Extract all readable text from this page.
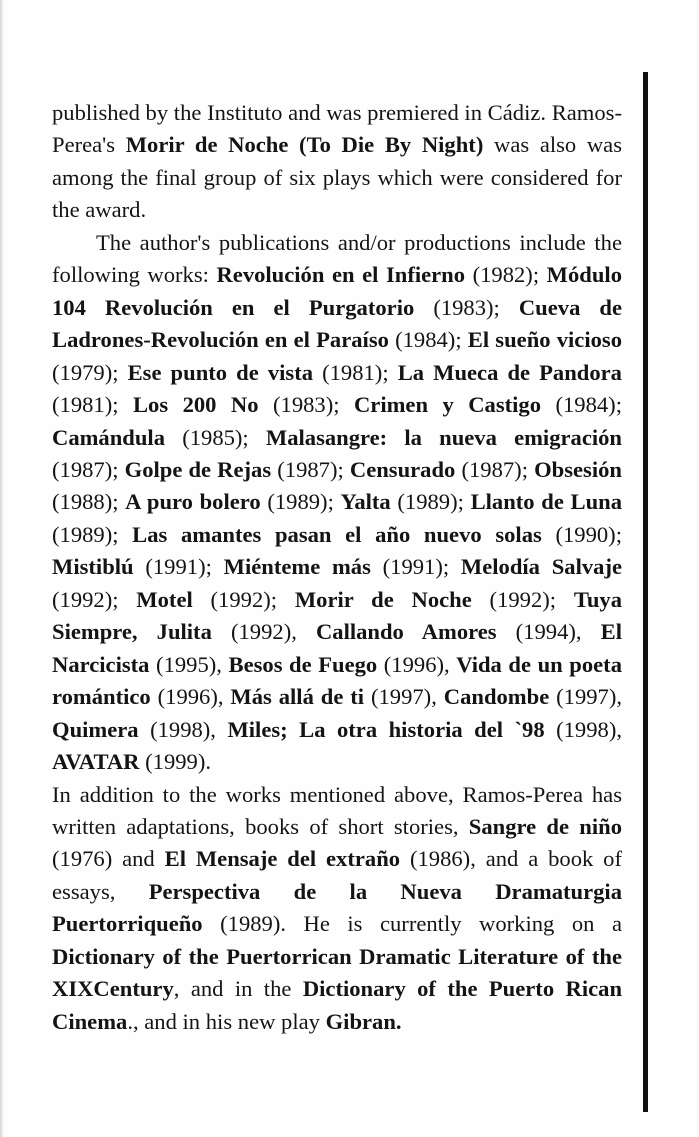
published by the Instituto and was premiered in Cádiz. Ramos-Perea's Morir de Noche (To Die By Night) was also was among the final group of six plays which were considered for the award.

The author's publications and/or productions include the following works: Revolución en el Infierno (1982); Módulo 104 Revolución en el Purgatorio (1983); Cueva de Ladrones-Revolución en el Paraíso (1984); El sueño vicioso (1979); Ese punto de vista (1981); La Mueca de Pandora (1981); Los 200 No (1983); Crimen y Castigo (1984); Camándula (1985); Malasangre: la nueva emigración (1987); Golpe de Rejas (1987); Censurado (1987); Obsesión (1988); A puro bolero (1989); Yalta (1989); Llanto de Luna (1989); Las amantes pasan el año nuevo solas (1990); Mistiblú (1991); Miénteme más (1991); Melodía Salvaje (1992); Motel (1992); Morir de Noche (1992); Tuya Siempre, Julita (1992), Callando Amores (1994), El Narcicista (1995), Besos de Fuego (1996), Vida de un poeta romántico (1996), Más allá de ti (1997), Candombe (1997), Quimera (1998), Miles; La otra historia del `98 (1998), AVATAR (1999).

In addition to the works mentioned above, Ramos-Perea has written adaptations, books of short stories, Sangre de niño (1976) and El Mensaje del extraño (1986), and a book of essays, Perspectiva de la Nueva Dramaturgia Puertorriqueño (1989). He is currently working on a Dictionary of the Puertorrican Dramatic Literature of the XIXCentury, and in the Dictionary of the Puerto Rican Cinema., and in his new play Gibran.
